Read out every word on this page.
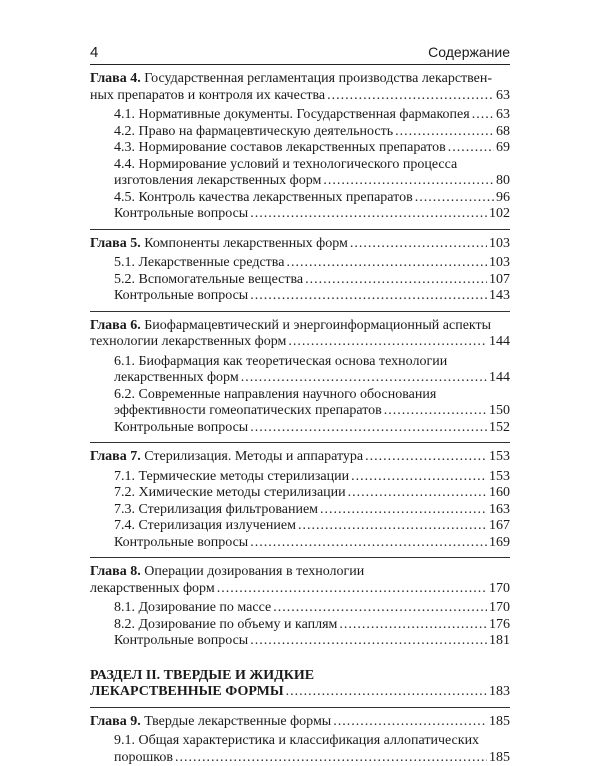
4	Содержание
Глава 4. Государственная регламентация производства лекарствен-
ных препаратов и контроля их качества .....	63
4.1. Нормативные документы. Государственная фармакопея ..... 63
4.2. Право на фармацевтическую деятельность .....	68
4.3. Нормирование составов лекарственных препаратов .....	69
4.4. Нормирование условий и технологического процесса
изготовления лекарственных форм .....	80
4.5. Контроль качества лекарственных препаратов .....	96
Контрольные вопросы .....	102
Глава 5. Компоненты лекарственных форм .....	103
5.1. Лекарственные средства .....	103
5.2. Вспомогательные вещества .....	107
Контрольные вопросы .....	143
Глава 6. Биофармацевтический и энергоинформационный аспекты
технологии лекарственных форм .....	144
6.1. Биофармация как теоретическая основа технологии
лекарственных форм .....	144
6.2. Современные направления научного обоснования
эффективности гомеопатических препаратов .....	150
Контрольные вопросы .....	152
Глава 7. Стерилизация. Методы и аппаратура .....	153
7.1. Термические методы стерилизации .....	153
7.2. Химические методы стерилизации .....	160
7.3. Стерилизация фильтрованием .....	163
7.4. Стерилизация излучением .....	167
Контрольные вопросы .....	169
Глава 8. Операции дозирования в технологии
лекарственных форм .....	170
8.1. Дозирование по массе .....	170
8.2. Дозирование по объему и каплям .....	176
Контрольные вопросы .....	181
РАЗДЕЛ II. ТВЕРДЫЕ И ЖИДКИЕ
ЛЕКАРСТВЕННЫЕ ФОРМЫ .....	183
Глава 9. Твердые лекарственные формы .....	185
9.1. Общая характеристика и классификация аллопатических
порошков .....	185
